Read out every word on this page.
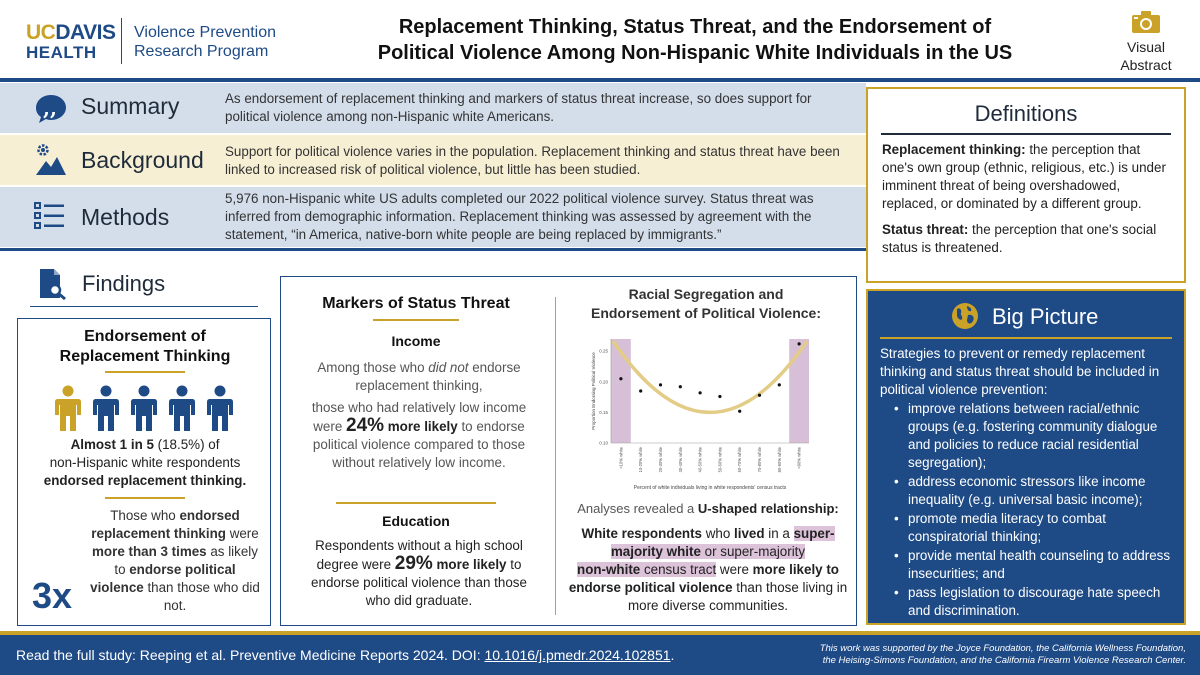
UCDAVIS
HEALTH
Violence Prevention
Research Program
Replacement Thinking, Status Threat, and the Endorsement of
Political Violence Among Non-Hispanic White Individuals in the US	Visual
Abstract
,, Summary	As endorsement of replacement thinking and markers of status threat increase, so does support for political violence among non-Hispanic white Americans.
Background Support for political violence varies in the population. Replacement thinking and status threat have been linked to increased risk of political violence, but little has been studied.
Methods
5,976 non-Hispanic white US adults completed our 2022 political violence survey. Status threat was inferred from demographic information. Replacement thinking was assessed by agreement with the statement, “in America, native-born white people are being replaced by immigrants.”
Definitions
Replacement thinking: the perception that one's own group (ethnic, religious, etc.) is under imminent threat of being overshadowed, replaced, or dominated by a different group.
Status threat: the perception that one's social status is threatened.
Big Picture
Strategies to prevent or remedy replacement thinking and status threat should be included in political violence prevention:
• improve relations between racial/ethnic groups (e.g. fostering community dialogue and policies to reduce racial residential segregation);
• address economic stressors like income inequality (e.g. universal basic income);
• promote media literacy to combat conspiratorial thinking;
• provide mental health counseling to address insecurities; and
• pass legislation to discourage hate speech and discrimination.
Findings
Endorsement of
Replacement Thinking
Almost 1 in 5 (18.5%) of
non-Hispanic white respondents
endorsed replacement thinking.
3x
Those who endorsed replacement thinking were more than 3 times as likely to endorse political violence than those who did not.
Markers of Status Threat
Income
Among those who did not endorse replacement thinking,
those who had relatively low income were 24% more likely to endorse political violence compared to those without relatively low income.
Education
Respondents without a high school degree were 29% more likely to endorse political violence than those who did graduate.
Racial Segregation and
Endorsement of Political Violence:
0.10
0.15
0.20
0.25
Proportion Endorsing Political Violence
<10% white	10-20% white	20-30% white	30-40% white	40-50% white	50-60% white	60-70% white	70-80% white	80-90% white	>90% white
Percent of white individuals living in white respondents' census tracts
Analyses revealed a U-shaped relationship:
White respondents who lived in a super-majority white or super-majority
non-white census tract were more likely to endorse political violence than those living in more diverse communities.
Read the full study: Reeping et al. Preventive Medicine Reports 2024. DOI: 10.1016/j.pmedr.2024.102851.	This work was supported by the Joyce Foundation, the California Wellness Foundation,
the Heising-Simons Foundation, and the California Firearm Violence Research Center.
